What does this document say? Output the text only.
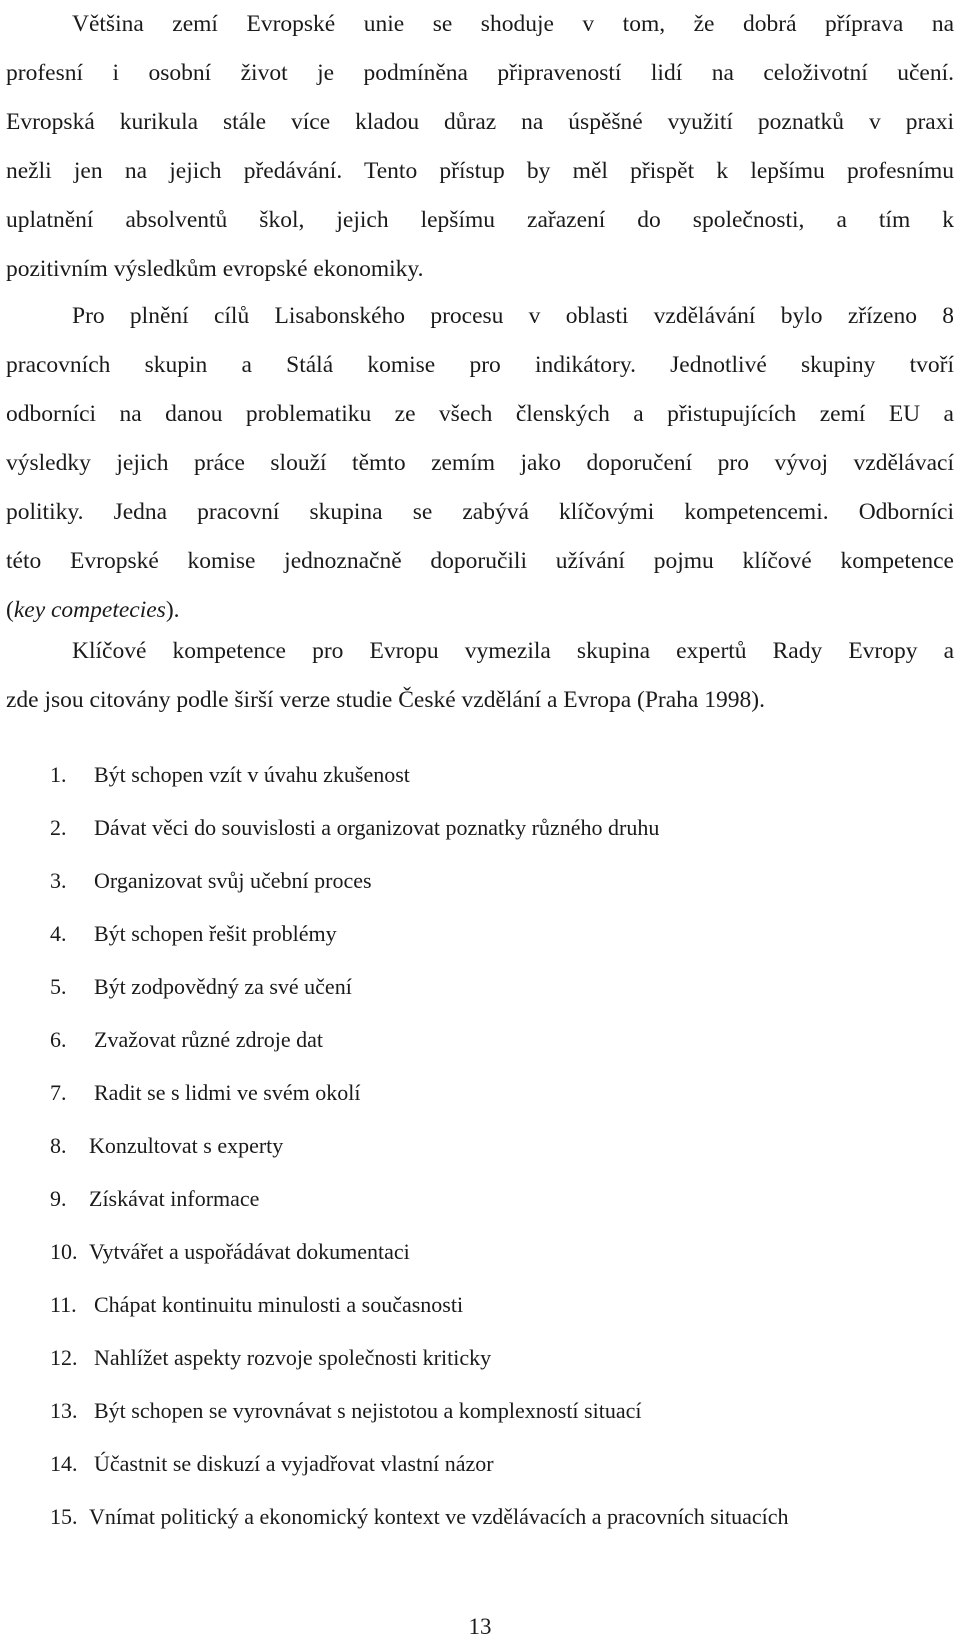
Většina zemí Evropské unie se shoduje v tom, že dobrá příprava na
profesní i osobní život je podmíněna připraveností lidí na celoživotní učení.
Evropská kurikula stále více kladou důraz na úspěšné využití poznatků v praxi
nežli jen na jejich předávání. Tento přístup by měl přispět k lepšímu profesnímu
uplatnění absolventů škol, jejich lepšímu zařazení do společnosti, a tím k
pozitivním výsledkům evropské ekonomiky.
Pro plnění cílů Lisabonského procesu v oblasti vzdělávání bylo zřízeno 8
pracovních skupin a Stálá komise pro indikátory. Jednotlivé skupiny tvoří
odborníci na danou problematiku ze všech členských a přistupujících zemí EU a
výsledky jejich práce slouží těmto zemím jako doporučení pro vývoj vzdělávací
politiky. Jedna pracovní skupina se zabývá klíčovými kompetencemi. Odborníci
této Evropské komise jednoznačně doporučili užívání pojmu klíčové kompetence
(key competecies).
Klíčové kompetence pro Evropu vymezila skupina expertů Rady Evropy a
zde jsou citovány podle širší verze studie České vzdělání a Evropa (Praha 1998).
1. Být schopen vzít v úvahu zkušenost
2. Dávat věci do souvislosti a organizovat poznatky různého druhu
3. Organizovat svůj učební proces
4. Být schopen řešit problémy
5. Být zodpovědný za své učení
6. Zvažovat různé zdroje dat
7. Radit se s lidmi ve svém okolí
8. Konzultovat s experty
9. Získávat informace
10. Vytvářet a uspořádávat dokumentaci
11. Chápat kontinuitu minulosti a současnosti
12. Nahlížet aspekty rozvoje společnosti kriticky
13. Být schopen se vyrovnávat s nejistotou a komplexností situací
14. Účastnit se diskuzí a vyjadřovat vlastní názor
15. Vnímat politický a ekonomický kontext ve vzdělávacích a pracovních situacích
13
